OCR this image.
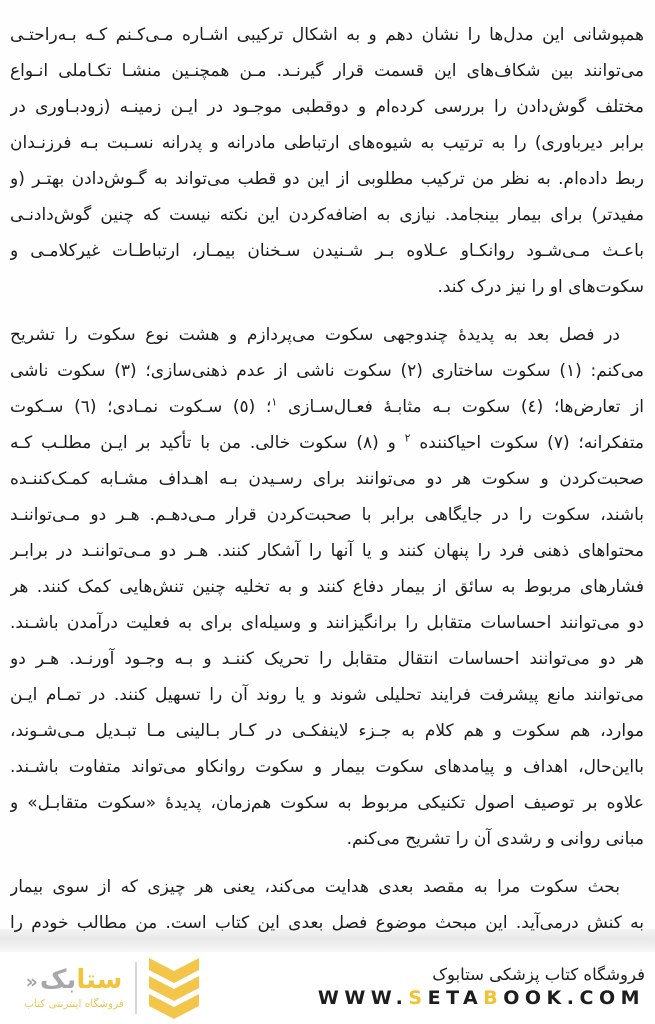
همپوشانی این مدل‌ها را نشان دهم و به اشکال ترکیبی اشـاره مـی‌کـنم کـه بـه‌راحتـی

می‌توانند بین شکاف‌های این قسمت قرار گیرنـد. مـن همچنـین منشـا تکـاملی انـواع

مختلف گوش‌دادن را بررسی کرده‌ام و دوقطبی موجـود در ایـن زمینـه (زودبـاوری در

برابر دیرباوری) را به ترتیب به شیوه‌های ارتباطی مادرانه و پدرانه نسـبت بـه فرزنـدان

ربط داده‌ام. به نظر من ترکیب مطلوبی از این دو قطب می‌تواند به گـوش‌دادن بهتـر (و

مفیدتر) برای بیمار بینجامد. نیازی به اضافه‌کردن این نکته نیست که چنین گوش‌دادنـی

باعـث مـی‌شـود روانکـاو عـلاوه بـر شـنیدن سـخنان بیمـار، ارتباطـات غیرکلامـی و

سکوت‌های او را نیز درک کند.

در فصل بعد به پدیدۀ چندوجهی سکوت می‌پردازم و هشت نوع سکوت را تشریح

می‌کنم: (۱) سکوت ساختاری (۲) سکوت ناشی از عدم ذهنی‌سازی؛ (۳) سکوت ناشی

از تعارض‌ها؛ (٤) سکوت بـه مثابـۀ فعـال‌سـازی $^۱$؛ (٥) سـکوت نمـادی؛ (٦) سـکوت

متفکرانه؛ (۷) سکوت احیاکننده $^۲$ و (۸) سکوت خالی. من با تأکید بر ایـن مطلـب کـه

صحبت‌کردن و سکوت هر دو می‌توانند برای رسـیدن بـه اهـداف مشـابه کمـک‌کننـده

باشند، سکوت را در جایگاهی برابر با صحبت‌کردن قرار مـی‌دهـم. هـر دو مـی‌تواننـد

محتواهای ذهنی فرد را پنهان کنند و یا آنها را آشکار کنند. هـر دو مـی‌تواننـد در برابـر

فشارهای مربوط به سائق از بیمار دفاع کنند و به تخلیه چنین تنش‌هایی کمک کنند. هر

دو می‌توانند احساسات متقابل را برانگیزانند و وسیله‌ای برای به فعلیت درآمدن باشـند.

هر دو می‌توانند احساسات انتقال متقابل را تحریک کننـد و بـه وجـود آورنـد. هـر دو

می‌توانند مانع پیشرفت فرایند تحلیلی شوند و یا روند آن را تسهیل کنند. در تمـام ایـن

موارد، هم سکوت و هم کلام به جـزء لاینفکـی در کـار بـالینی مـا تبـدیل مـی‌شـوند،

بااین‌حال، اهداف و پیامدهای سکوت بیمار و سکوت روانکاو می‌تواند متفاوت باشـند.

علاوه بر توصیف اصول تکنیکی مربوط به سکوت هم‌زمان، پدیدۀ «سکوت متقابـل» و

مبانی روانی و رشدی آن را تشریح می‌کنم.

بحث سکوت مرا به مقصد بعدی هدایت می‌کند، یعنی هر چیزی که از سوی بیمار

به کنش درمی‌آید. این مبحث موضوع فصل بعدی این کتاب است. من مطالب خودم را

ستابک«
فروشگاه اینترنتی کتاب
فروشگاه کتاب پزشکی ستابوک
WWW.SETABOOK.COM
